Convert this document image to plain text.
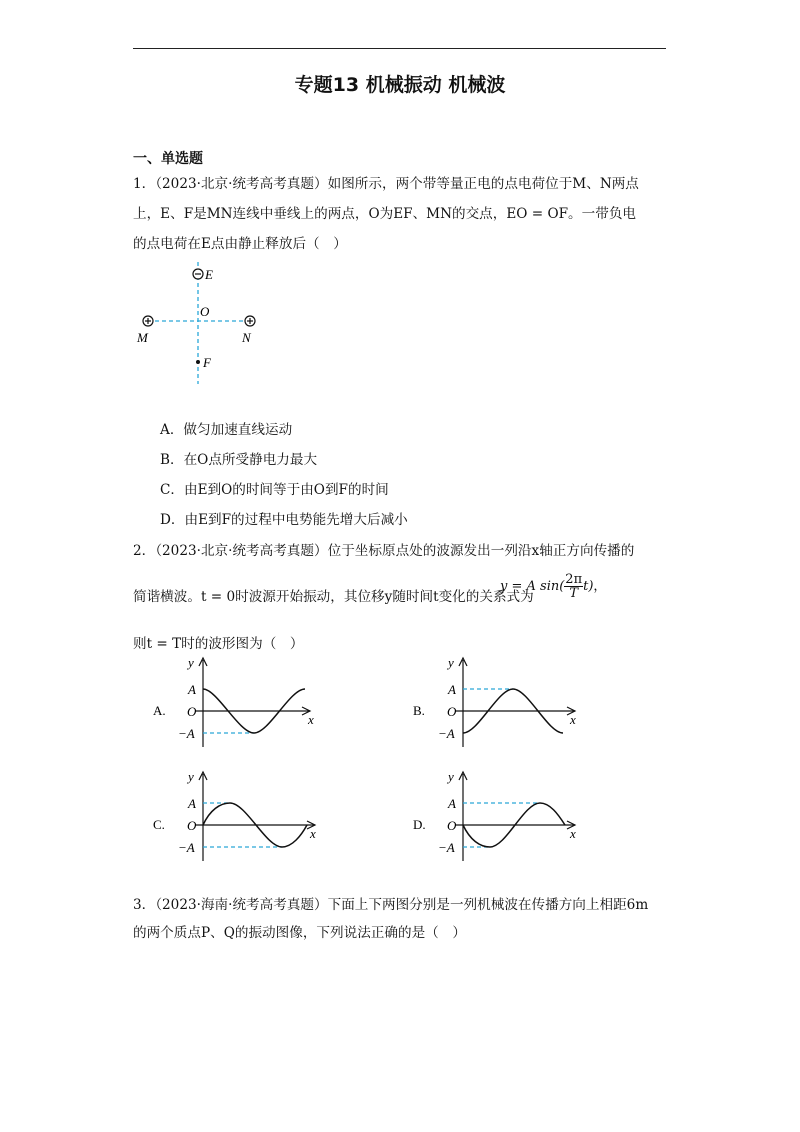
专题13 机械振动 机械波
一、单选题
1．（2023·北京·统考高考真题）如图所示，两个带等量正电的点电荷位于M、N两点
上，E、F是MN连线中垂线上的两点，O为EF、MN的交点，EO = OF。一带负电
的点电荷在E点由静止释放后（　）
E
O
M	N
F
A．做匀加速直线运动
B．在O点所受静电力最大
C．由E到O的时间等于由O到F的时间
D．由E到F的过程中电势能先增大后减小
2．（2023·北京·统考高考真题）位于坐标原点处的波源发出一列沿x轴正方向传播的
简谐横波。t = 0时波源开始振动，其位移y随时间t变化的关系式为
y = A $\sin( \frac{2\pi}{T} t)$，
则t = T时的波形图为（　）
A.
y
A
O
−A
x
B.
y
A
O
−A
x
C.
y
A
O
−A
x
D.
y
A
O
−A
x
3．（2023·海南·统考高考真题）下面上下两图分别是一列机械波在传播方向上相距6m
的两个质点P、Q的振动图像，下列说法正确的是（　）
